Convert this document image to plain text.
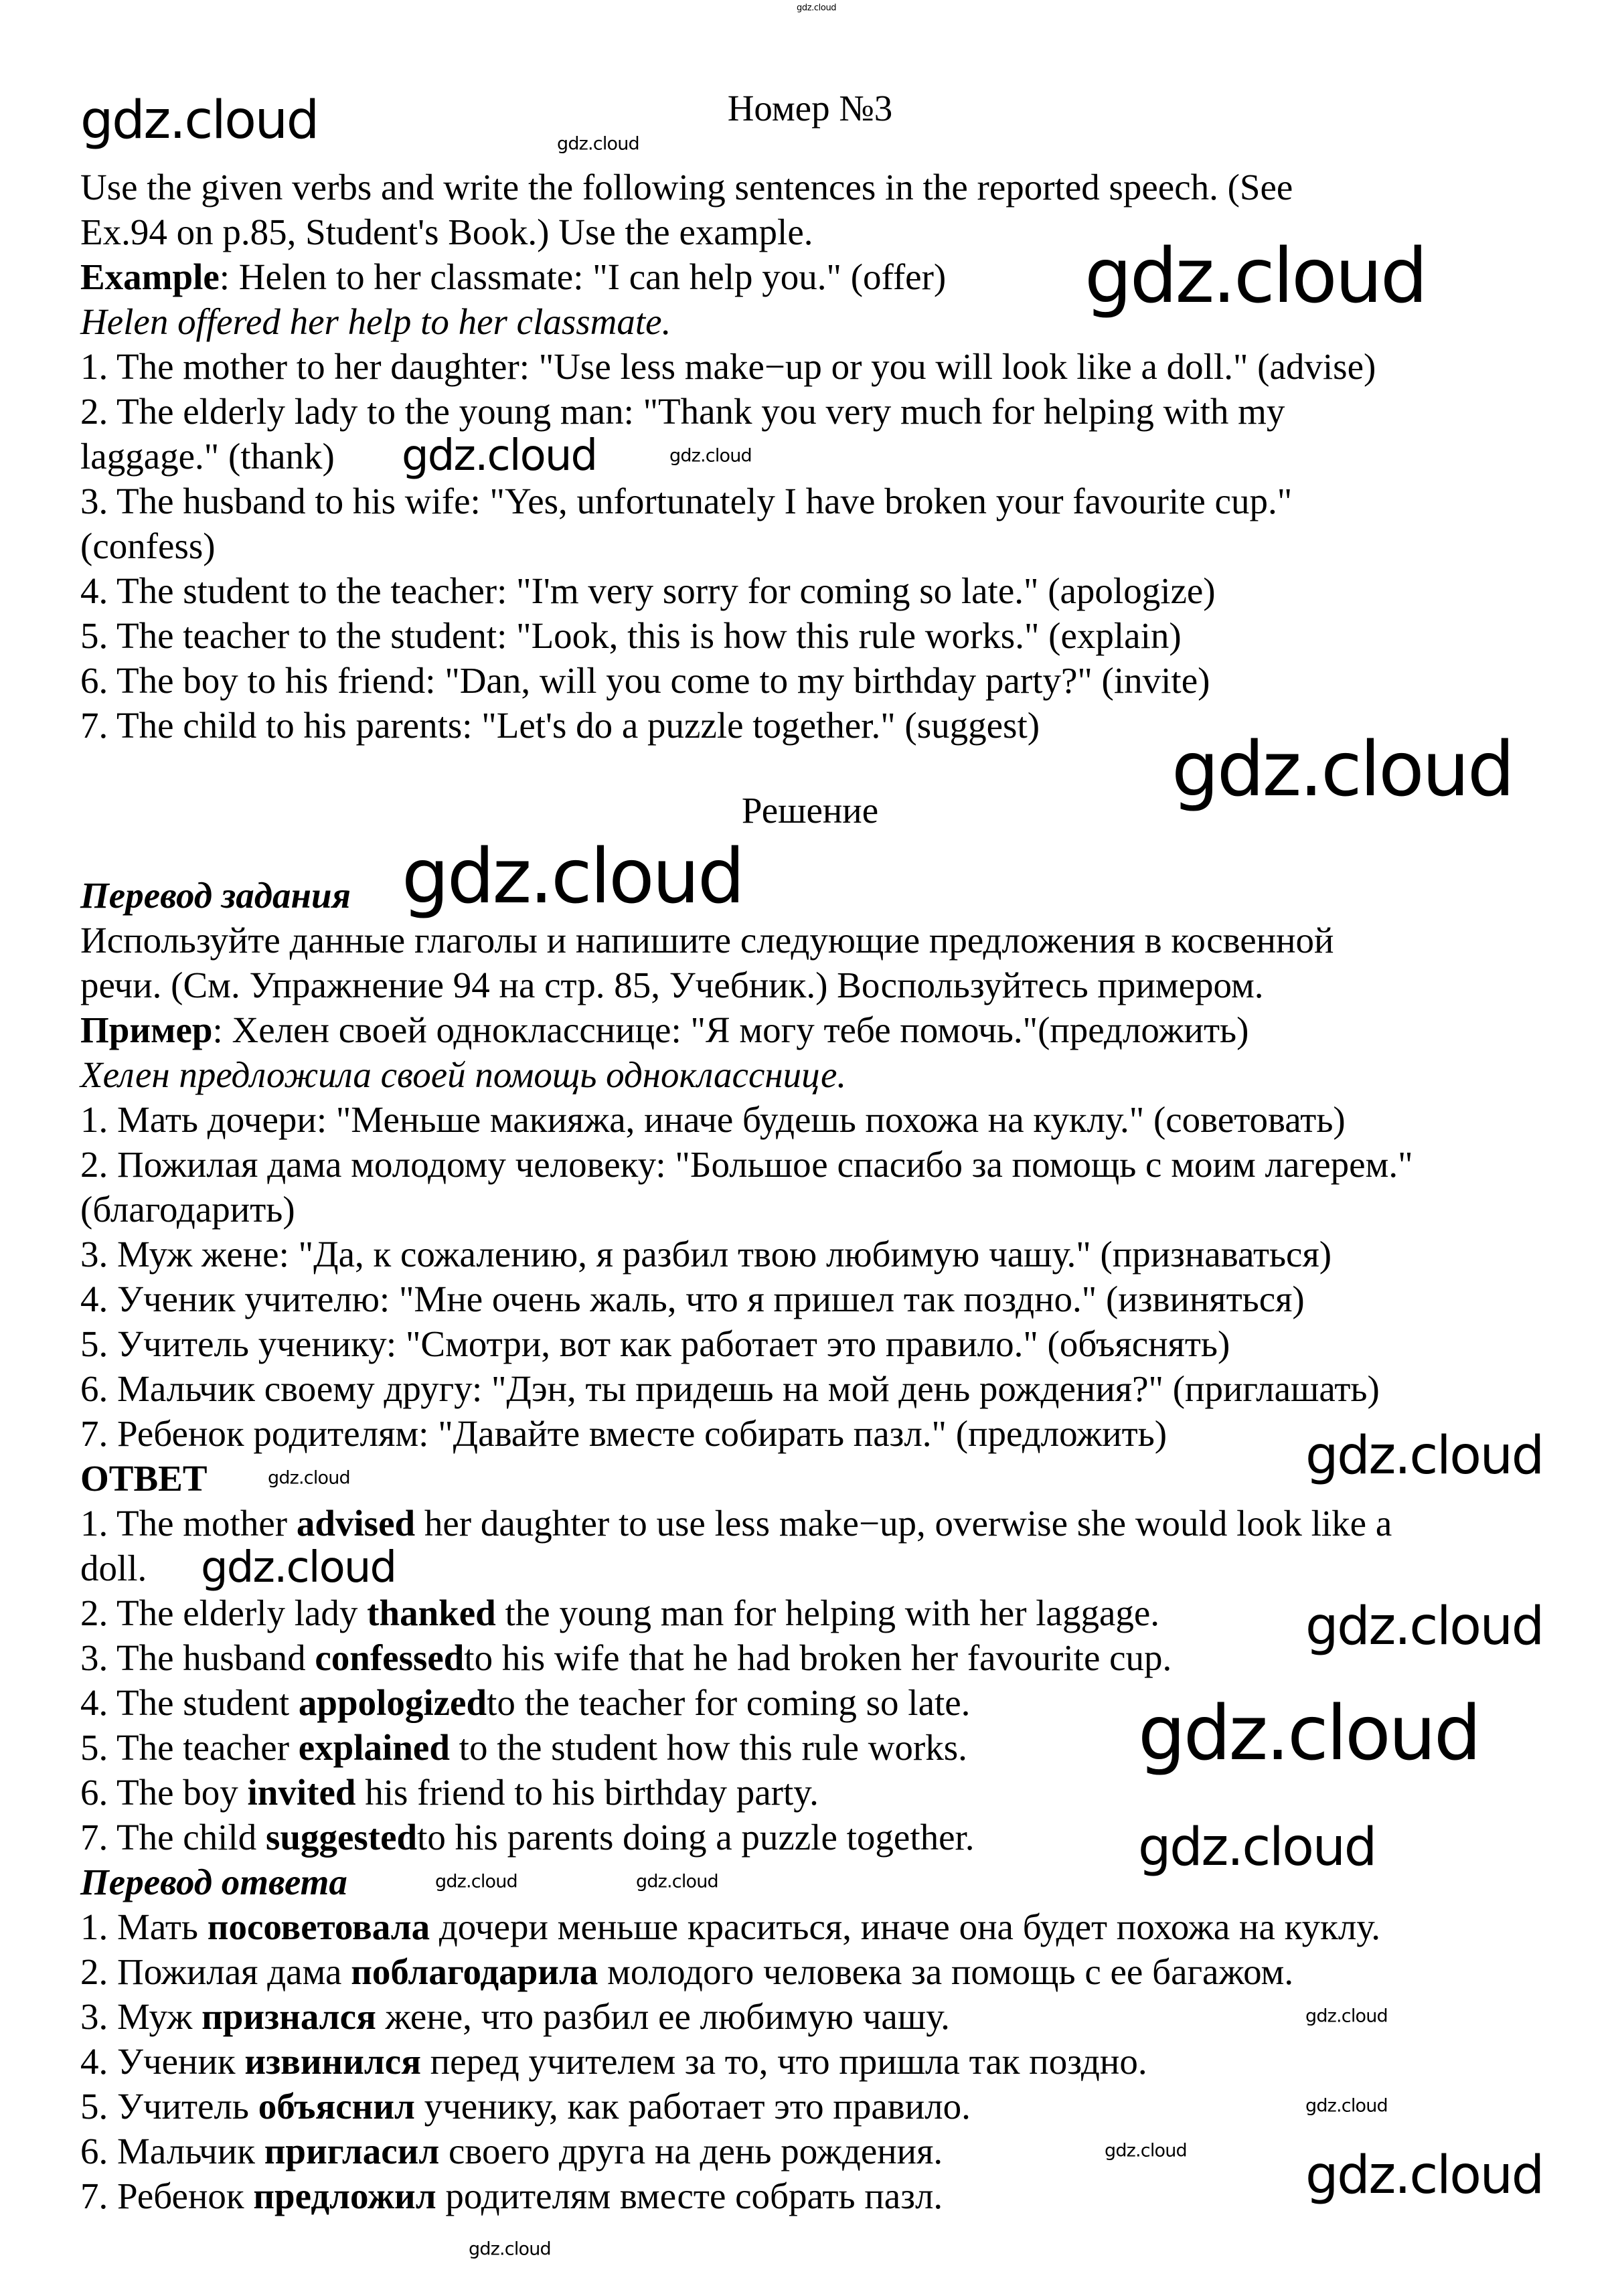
Номер №3
Use the given verbs and write the following sentences in the reported speech. (See
Ex.94 on p.85, Student's Book.) Use the example.
Example: Helen to her classmate: "I can help you." (offer)
Helen offered her help to her classmate.
1. The mother to her daughter: "Use less make−up or you will look like a doll." (advise)
2. The elderly lady to the young man: "Thank you very much for helping with my
laggage." (thank)
3. The husband to his wife: "Yes, unfortunately I have broken your favourite cup."
(confess)
4. The student to the teacher: "I'm very sorry for coming so late." (apologize)
5. The teacher to the student: "Look, this is how this rule works." (explain)
6. The boy to his friend: "Dan, will you come to my birthday party?" (invite)
7. The child to his parents: "Let's do a puzzle together." (suggest)
Решение
Перевод задания
Используйте данные глаголы и напишите следующие предложения в косвенной
речи. (См. Упражнение 94 на стр. 85, Учебник.) Воспользуйтесь примером.
Пример: Хелен своей однокласснице: "Я могу тебе помочь."(предложить)
Хелен предложила своей помощь однокласснице.
1. Мать дочери: "Меньше макияжа, иначе будешь похожа на куклу." (советовать)
2. Пожилая дама молодому человеку: "Большое спасибо за помощь с моим лагерем."
(благодарить)
3. Муж жене: "Да, к сожалению, я разбил твою любимую чашу." (признаваться)
4. Ученик учителю: "Мне очень жаль, что я пришел так поздно." (извиняться)
5. Учитель ученику: "Смотри, вот как работает это правило." (объяснять)
6. Мальчик своему другу: "Дэн, ты придешь на мой день рождения?" (приглашать)
7. Ребенок родителям: "Давайте вместе собирать пазл." (предложить)
ОТВЕТ
1. The mother advised her daughter to use less make−up, overwise she would look like a
doll.
2. The elderly lady thanked the young man for helping with her laggage.
3. The husband confessedto his wife that he had broken her favourite cup.
4. The student appologizedto the teacher for coming so late.
5. The teacher explained to the student how this rule works.
6. The boy invited his friend to his birthday party.
7. The child suggestedto his parents doing a puzzle together.
Перевод ответа
1. Мать посоветовала дочери меньше краситься, иначе она будет похожа на куклу.
2. Пожилая дама поблагодарила молодого человека за помощь с ее багажом.
3. Муж признался жене, что разбил ее любимую чашу.
4. Ученик извинился перед учителем за то, что пришла так поздно.
5. Учитель объяснил ученику, как работает это правило.
6. Мальчик пригласил своего друга на день рождения.
7. Ребенок предложил родителям вместе собрать пазл.
gdz.cloud
gdz.cloud	gdz.cloud
gdz.cloud
gdz.cloud
gdz.cloud
gdz.cloud
gdz.cloud
gdz.cloud
gdz.cloud
gdz.cloud
gdz.cloud
gdz.cloud
gdz.cloud
gdz.cloud
gdz.cloud
gdz.cloud
gdz.cloud
gdz.cloud
gdz.cloud
gdz.cloud
